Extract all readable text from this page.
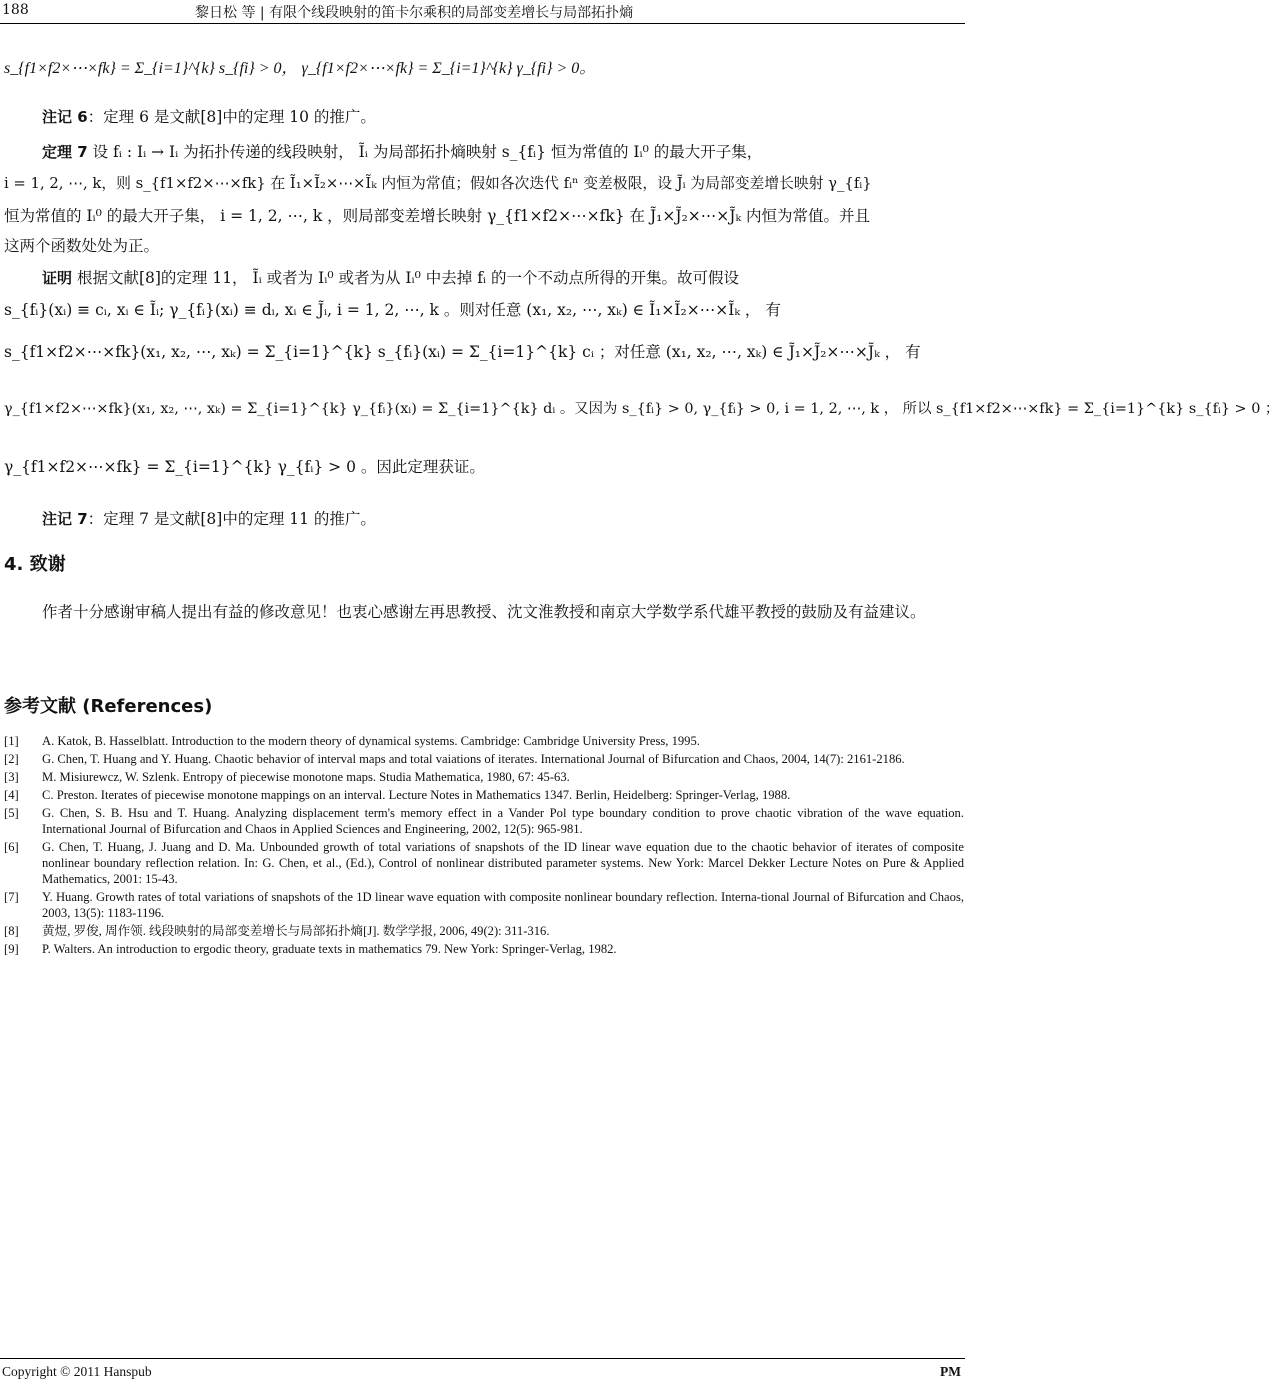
188	黎日松 等 | 有限个线段映射的笛卡尔乘积的局部变差增长与局部拓扑熵
s_{f1×f2×⋯×fk} = Σ_{i=1}^{k} s_{fi} > 0， γ_{f1×f2×⋯×fk} = Σ_{i=1}^{k} γ_{fi} > 0。
注记 6：定理 6 是文献[8]中的定理 10 的推广。
定理 7 设 fᵢ : Iᵢ → Iᵢ 为拓扑传递的线段映射， Ĩᵢ 为局部拓扑熵映射 s_{fᵢ} 恒为常值的 Iᵢ⁰ 的最大开子集，
i = 1, 2, ⋯, k，则 s_{f1×f2×⋯×fk} 在 Ĩ₁×Ĩ₂×⋯×Ĩₖ 内恒为常值；假如各次迭代 fᵢⁿ 变差极限，设 J̃ᵢ 为局部变差增长映射 γ_{fᵢ}
恒为常值的 Iᵢ⁰ 的最大开子集， i = 1, 2, ⋯, k ，则局部变差增长映射 γ_{f1×f2×⋯×fk} 在 J̃₁×J̃₂×⋯×J̃ₖ 内恒为常值。并且
这两个函数处处为正。
证明 根据文献[8]的定理 11， Ĩᵢ 或者为 Iᵢ⁰ 或者为从 Iᵢ⁰ 中去掉 fᵢ 的一个不动点所得的开集。故可假设
s_{fᵢ}(xᵢ) ≡ cᵢ, xᵢ ∈ Ĩᵢ; γ_{fᵢ}(xᵢ) ≡ dᵢ, xᵢ ∈ J̃ᵢ, i = 1, 2, ⋯, k 。则对任意 (x₁, x₂, ⋯, xₖ) ∈ Ĩ₁×Ĩ₂×⋯×Ĩₖ ， 有
s_{f1×f2×⋯×fk}(x₁, x₂, ⋯, xₖ) = Σ_{i=1}^{k} s_{fᵢ}(xᵢ) = Σ_{i=1}^{k} cᵢ ；对任意 (x₁, x₂, ⋯, xₖ) ∈ J̃₁×J̃₂×⋯×J̃ₖ ， 有
γ_{f1×f2×⋯×fk}(x₁, x₂, ⋯, xₖ) = Σ_{i=1}^{k} γ_{fᵢ}(xᵢ) = Σ_{i=1}^{k} dᵢ 。又因为 s_{fᵢ} > 0, γ_{fᵢ} > 0, i = 1, 2, ⋯, k ， 所以 s_{f1×f2×⋯×fk} = Σ_{i=1}^{k} s_{fᵢ} > 0 ；
γ_{f1×f2×⋯×fk} = Σ_{i=1}^{k} γ_{fᵢ} > 0 。因此定理获证。
注记 7：定理 7 是文献[8]中的定理 11 的推广。
4. 致谢
作者十分感谢审稿人提出有益的修改意见！也衷心感谢左再思教授、沈文淮教授和南京大学数学系代雄平教授的鼓励及有益建议。
参考文献 (References)
[1]	A. Katok, B. Hasselblatt. Introduction to the modern theory of dynamical systems. Cambridge: Cambridge University Press, 1995.
[2]	G. Chen, T. Huang and Y. Huang. Chaotic behavior of interval maps and total vaiations of iterates. International Journal of Bifurcation and Chaos, 2004, 14(7): 2161-2186.
[3]	M. Misiurewcz, W. Szlenk. Entropy of piecewise monotone maps. Studia Mathematica, 1980, 67: 45-63.
[4]	C. Preston. Iterates of piecewise monotone mappings on an interval. Lecture Notes in Mathematics 1347. Berlin, Heidelberg: Springer-Verlag, 1988.
[5]	G. Chen, S. B. Hsu and T. Huang. Analyzing displacement term's memory effect in a Vander Pol type boundary condition to prove chaotic vibration of the wave equation. International Journal of Bifurcation and Chaos in Applied Sciences and Engineering, 2002, 12(5): 965-981.
[6]	G. Chen, T. Huang, J. Juang and D. Ma. Unbounded growth of total variations of snapshots of the ID linear wave equation due to the chaotic behavior of iterates of composite nonlinear boundary reflection relation. In: G. Chen, et al., (Ed.), Control of nonlinear distributed parameter systems. New York: Marcel Dekker Lecture Notes on Pure & Applied Mathematics, 2001: 15-43.
[7]	Y. Huang. Growth rates of total variations of snapshots of the 1D linear wave equation with composite nonlinear boundary reflection. Interna-tional Journal of Bifurcation and Chaos, 2003, 13(5): 1183-1196.
[8]	黄煜, 罗俊, 周作领. 线段映射的局部变差增长与局部拓扑熵[J]. 数学学报, 2006, 49(2): 311-316.
[9]	P. Walters. An introduction to ergodic theory, graduate texts in mathematics 79. New York: Springer-Verlag, 1982.
Copyright © 2011 Hanspub	PM
